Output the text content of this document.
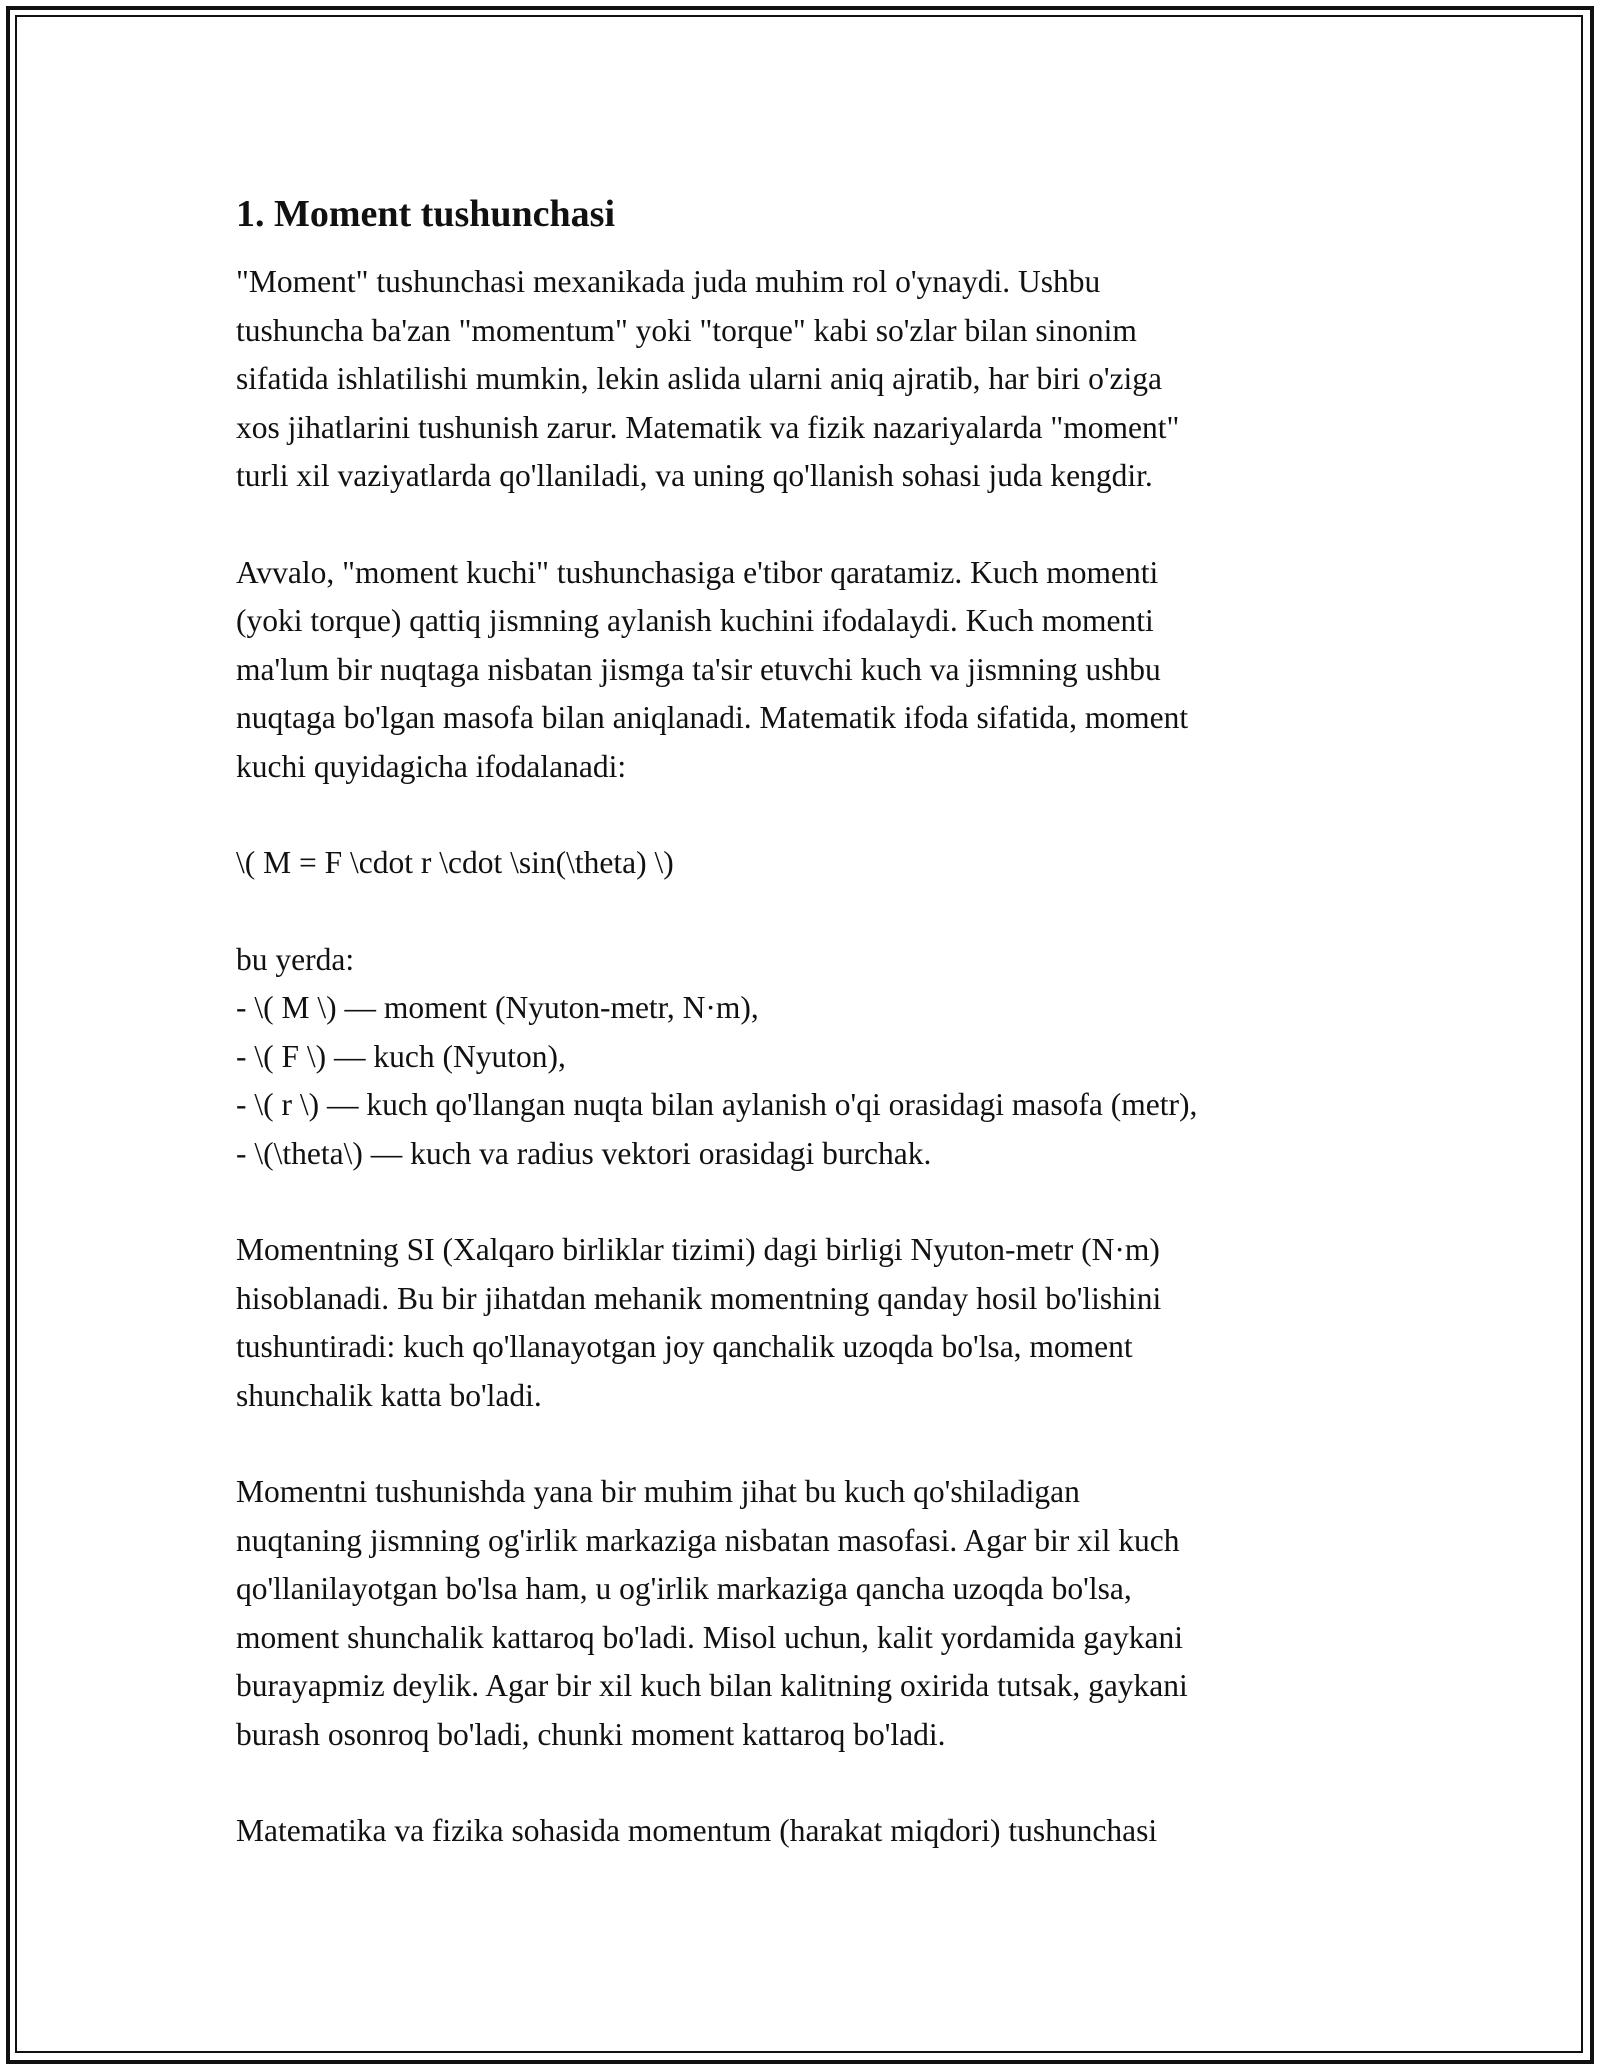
1. Moment tushunchasi

"Moment" tushunchasi mexanikada juda muhim rol o'ynaydi. Ushbu
tushuncha ba'zan "momentum" yoki "torque" kabi so'zlar bilan sinonim
sifatida ishlatilishi mumkin, lekin aslida ularni aniq ajratib, har biri o'ziga
xos jihatlarini tushunish zarur. Matematik va fizik nazariyalarda "moment"
turli xil vaziyatlarda qo'llaniladi, va uning qo'llanish sohasi juda kengdir.

Avvalo, "moment kuchi" tushunchasiga e'tibor qaratamiz. Kuch momenti
(yoki torque) qattiq jismning aylanish kuchini ifodalaydi. Kuch momenti
ma'lum bir nuqtaga nisbatan jismga ta'sir etuvchi kuch va jismning ushbu
nuqtaga bo'lgan masofa bilan aniqlanadi. Matematik ifoda sifatida, moment
kuchi quyidagicha ifodalanadi:

\( M = F \cdot r \cdot \sin(\theta) \)

bu yerda:
- \( M \) — moment (Nyuton-metr, N·m),
- \( F \) — kuch (Nyuton),
- \( r \) — kuch qo'llangan nuqta bilan aylanish o'qi orasidagi masofa (metr),
- \(\theta\) — kuch va radius vektori orasidagi burchak.

Momentning SI (Xalqaro birliklar tizimi) dagi birligi Nyuton-metr (N·m)
hisoblanadi. Bu bir jihatdan mehanik momentning qanday hosil bo'lishini
tushuntiradi: kuch qo'llanayotgan joy qanchalik uzoqda bo'lsa, moment
shunchalik katta bo'ladi.

Momentni tushunishda yana bir muhim jihat bu kuch qo'shiladigan
nuqtaning jismning og'irlik markaziga nisbatan masofasi. Agar bir xil kuch
qo'llanilayotgan bo'lsa ham, u og'irlik markaziga qancha uzoqda bo'lsa,
moment shunchalik kattaroq bo'ladi. Misol uchun, kalit yordamida gaykani
burayapmiz deylik. Agar bir xil kuch bilan kalitning oxirida tutsak, gaykani
burash osonroq bo'ladi, chunki moment kattaroq bo'ladi.

Matematika va fizika sohasida momentum (harakat miqdori) tushunchasi
